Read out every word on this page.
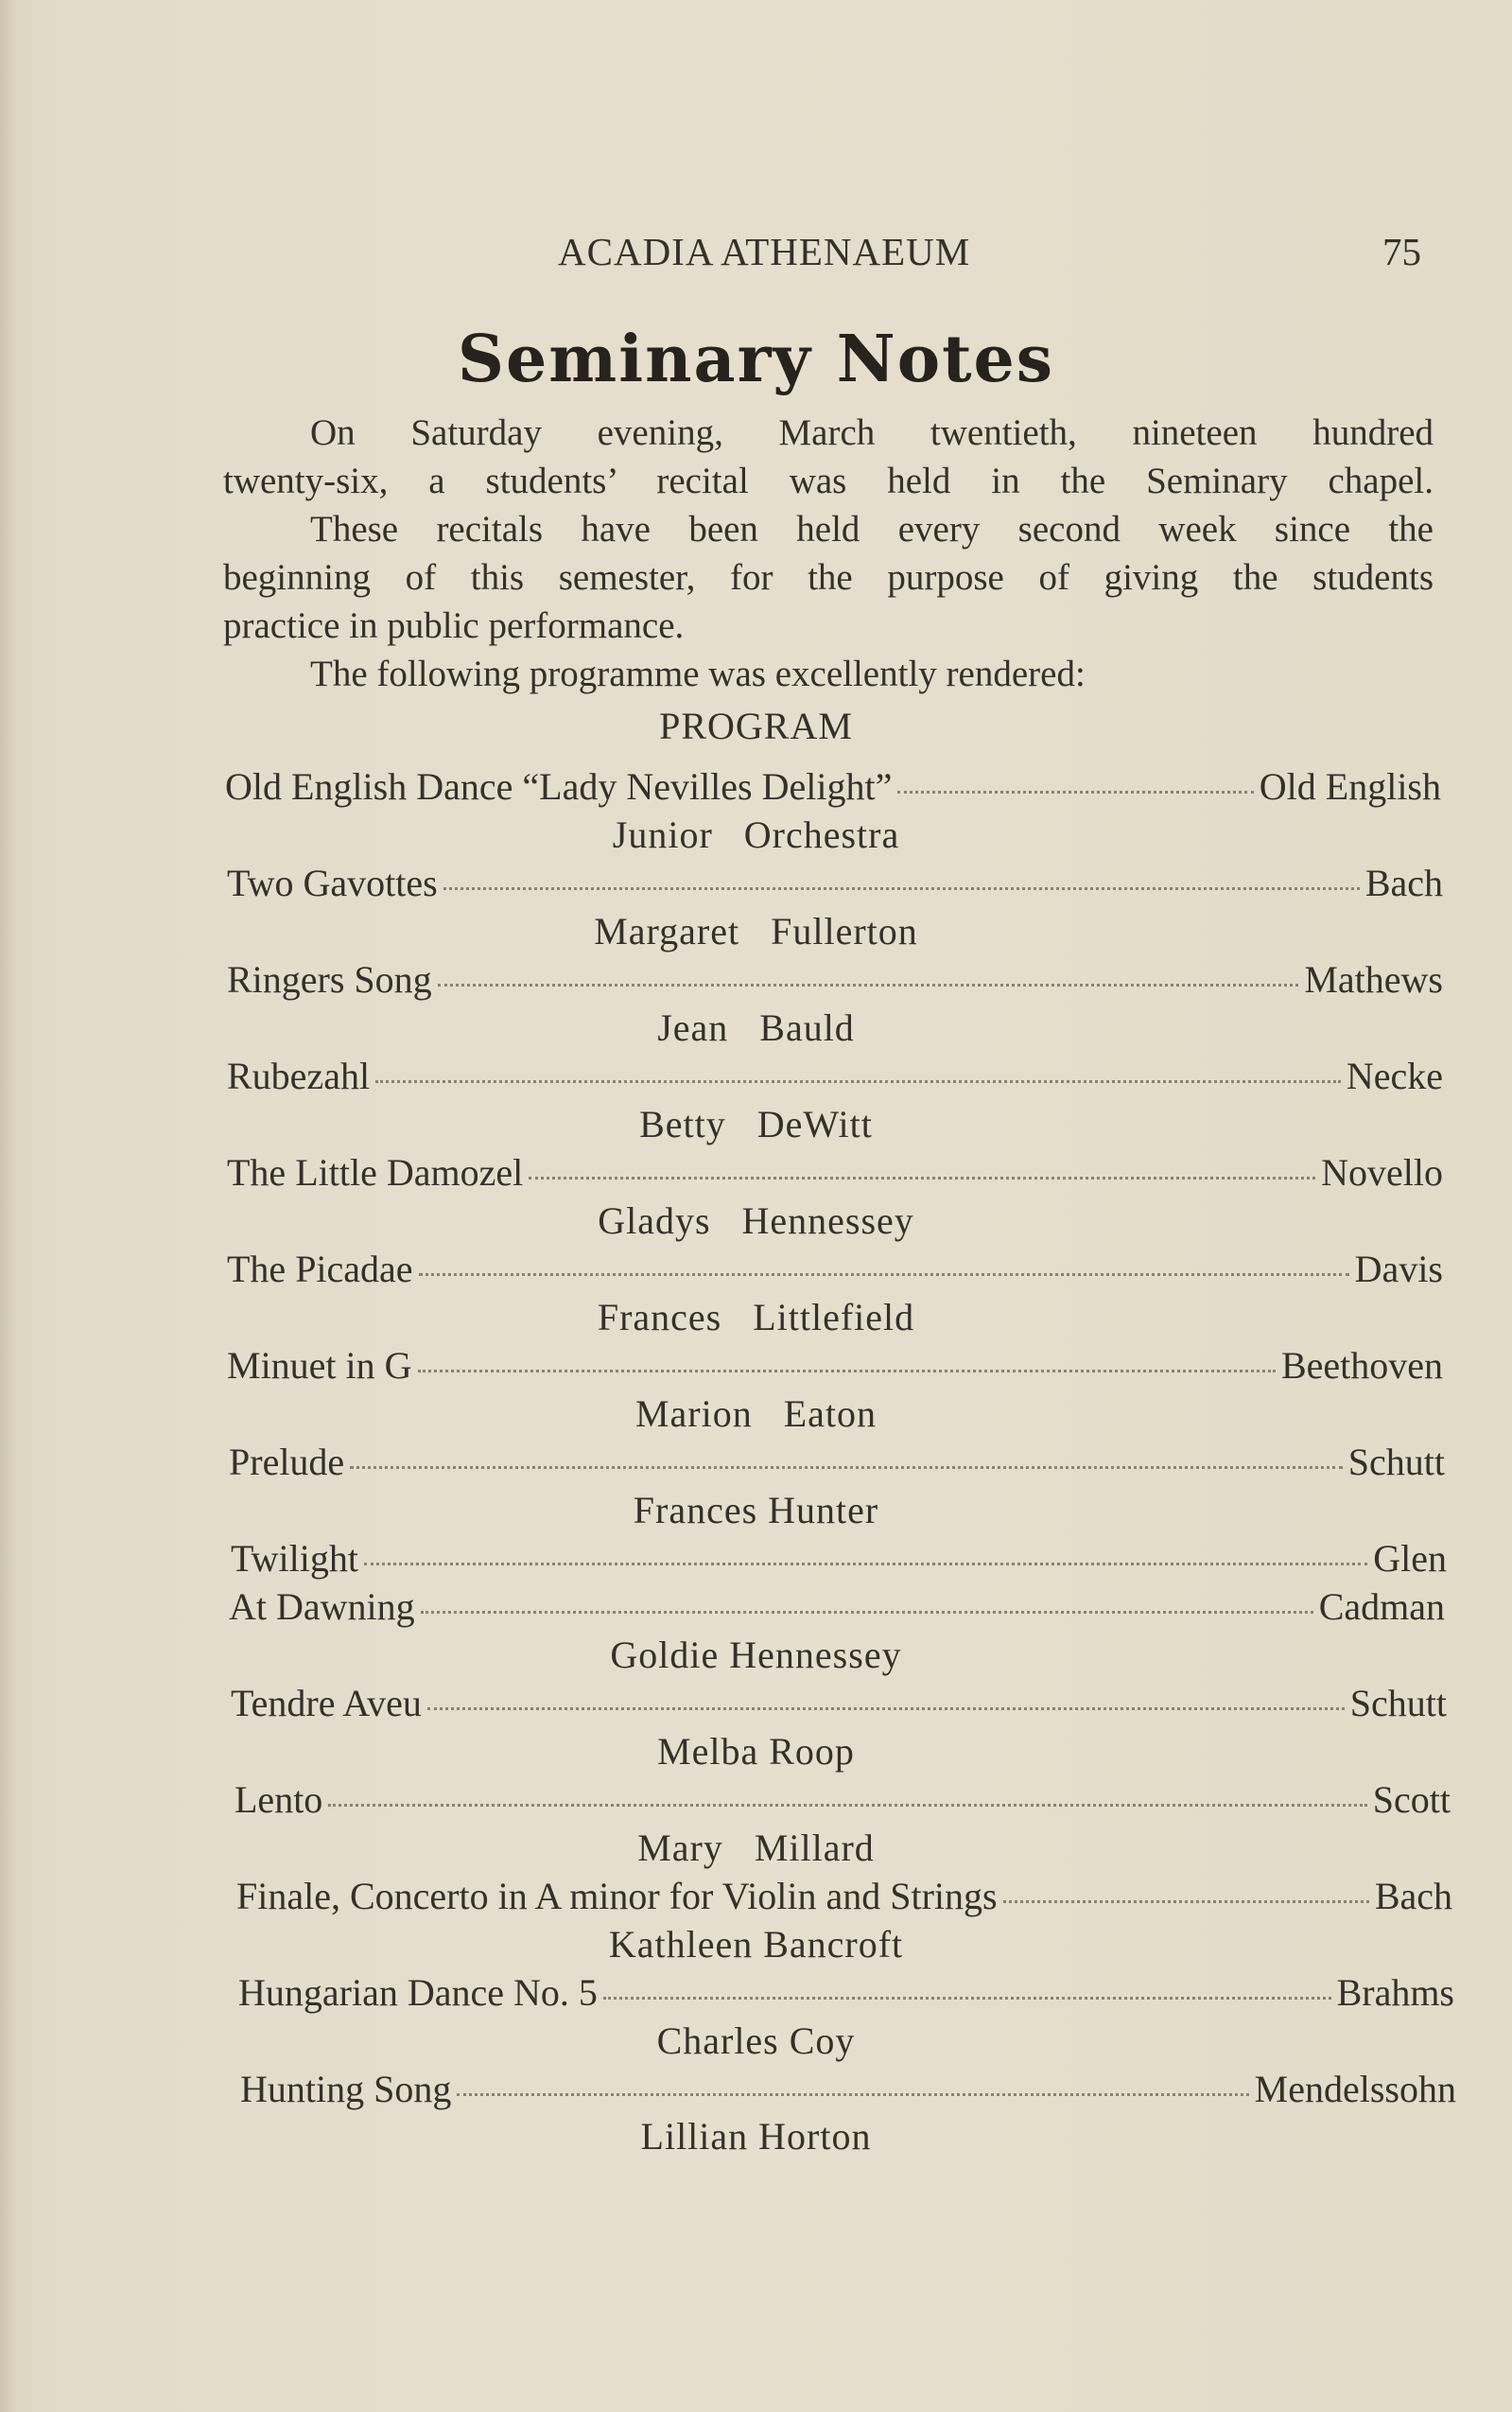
ACADIA ATHENAEUM	75
Seminary Notes
On Saturday evening, March twentieth, nineteen hundred
twenty-six, a students’ recital was held in the Seminary chapel.
These recitals have been held every second week since the
beginning of this semester, for the purpose of giving the students
practice in public performance.
The following programme was excellently rendered:
PROGRAM
Old English Dance “Lady Nevilles Delight”	Old English
Junior   Orchestra
Two Gavottes	Bach
Margaret   Fullerton
Ringers Song	Mathews
Jean   Bauld
Rubezahl	Necke
Betty   DeWitt
The Little Damozel	Novello
Gladys   Hennessey
The Picadae	Davis
Frances   Littlefield
Minuet in G	Beethoven
Marion   Eaton
Prelude	Schutt
Frances Hunter
Twilight	Glen
At Dawning	Cadman
Goldie Hennessey
Tendre Aveu	Schutt
Melba Roop
Lento	Scott
Mary   Millard
Finale, Concerto in A minor for Violin and Strings	Bach
Kathleen Bancroft
Hungarian Dance No. 5	Brahms
Charles Coy
Hunting Song	Mendelssohn
Lillian Horton
